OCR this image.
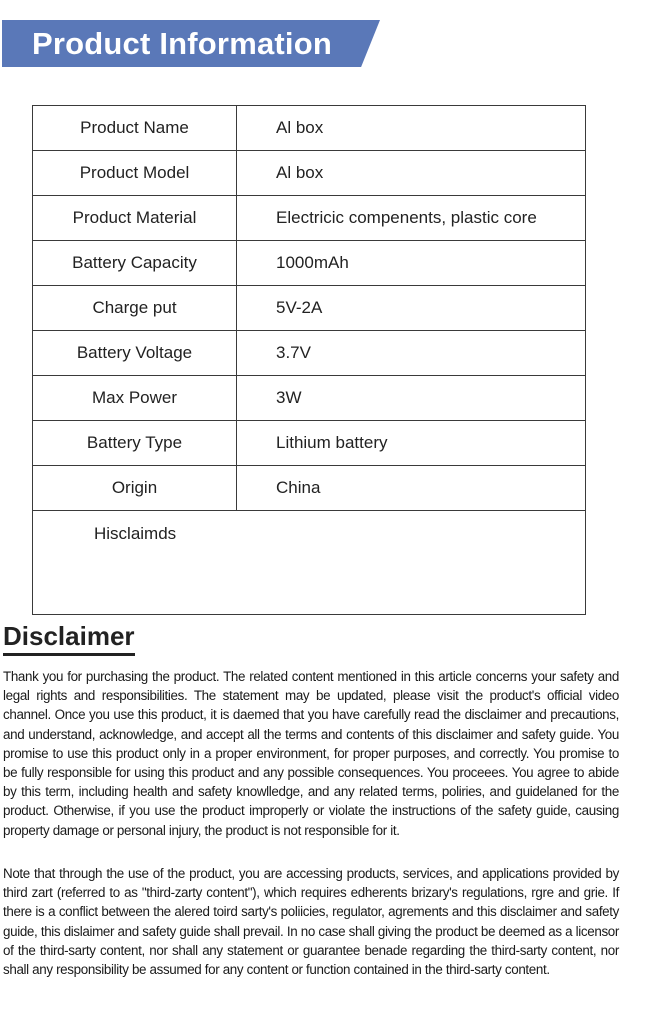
Product Information
Product Name	Al box
Product Model	Al box
Product Material	Electricic compenents, plastic core
Battery Capacity	1000mAh
Charge put	5V-2A
Battery Voltage	3.7V
Max Power	3W
Battery Type	Lithium battery
Origin	China
Hisclaimds	
Disclaimer

Thank you for purchasing the product. The related content mentioned in this article concerns your safety and legal rights and responsibilities. The statement may be updated, please visit the product's official video channel. Once you use this product, it is daemed that you have carefully read the disclaimer and precautions, and understand, acknowledge, and accept all the terms and contents of this disclaimer and safety guide. You promise to use this product only in a proper environment, for proper purposes, and correctly. You promise to be fully responsible for using this product and any possible consequences. You proceees. You agree to abide by this term, including health and safety knowlledge, and any related terms, poliries, and guidelaned for the product. Otherwise, if you use the product improperly or violate the instructions of the safety guide, causing property damage or personal injury, the product is not responsible for it.

Note that through the use of the product, you are accessing products, services, and applications provided by third zart (referred to as "third-zarty content"), which requires edherents brizary's regulations, rgre and grie. If there is a conflict between the alered toird sarty's poliicies, regulator, agrements and this disclaimer and safety guide, this dislaimer and safety guide shall prevail. In no case shall giving the product be deemed as a licensor of the third-sarty content, nor shall any statement or guarantee benade regarding the third-sarty content, nor shall any responsibility be assumed for any content or function contained in the third-sarty content.
